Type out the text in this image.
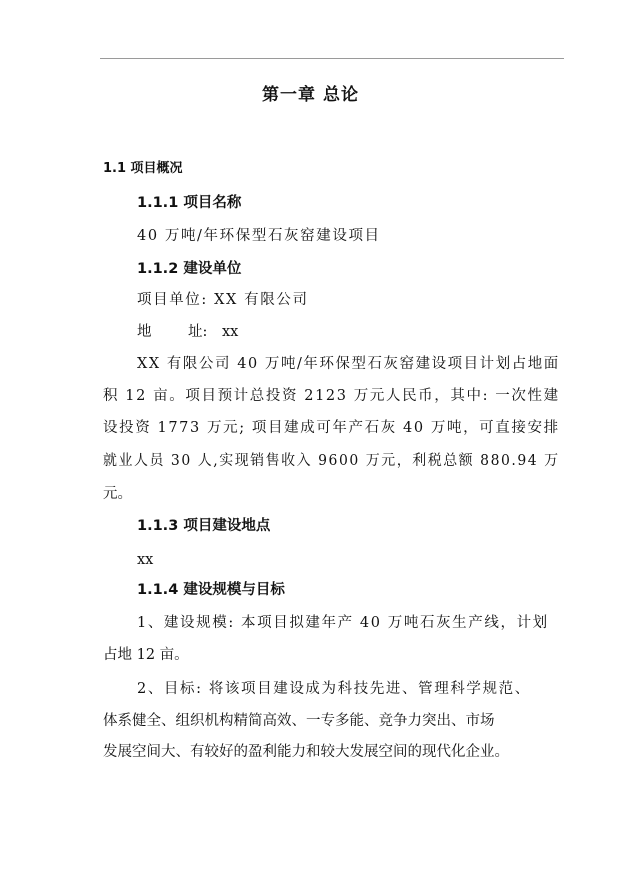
第一章 总论
1.1 项目概况
1.1.1 项目名称
40 万吨/年环保型石灰窑建设项目
1.1.2 建设单位
项目单位: XX 有限公司
地	址: xx
XX 有限公司 40 万吨/年环保型石灰窑建设项目计划占地面
积 12 亩。项目预计总投资 2123 万元人民币，其中: 一次性建
设投资 1773 万元; 项目建成可年产石灰 40 万吨，可直接安排
就业人员 30 人,实现销售收入 9600 万元，利税总额 880.94 万
元。
1.1.3 项目建设地点
xx
1.1.4 建设规模与目标
1、建设规模: 本项目拟建年产 40 万吨石灰生产线，计划
占地 12 亩。
2、目标: 将该项目建设成为科技先进、管理科学规范、
体系健全、组织机构精简高效、一专多能、竞争力突出、市场
发展空间大、有较好的盈利能力和较大发展空间的现代化企业。
